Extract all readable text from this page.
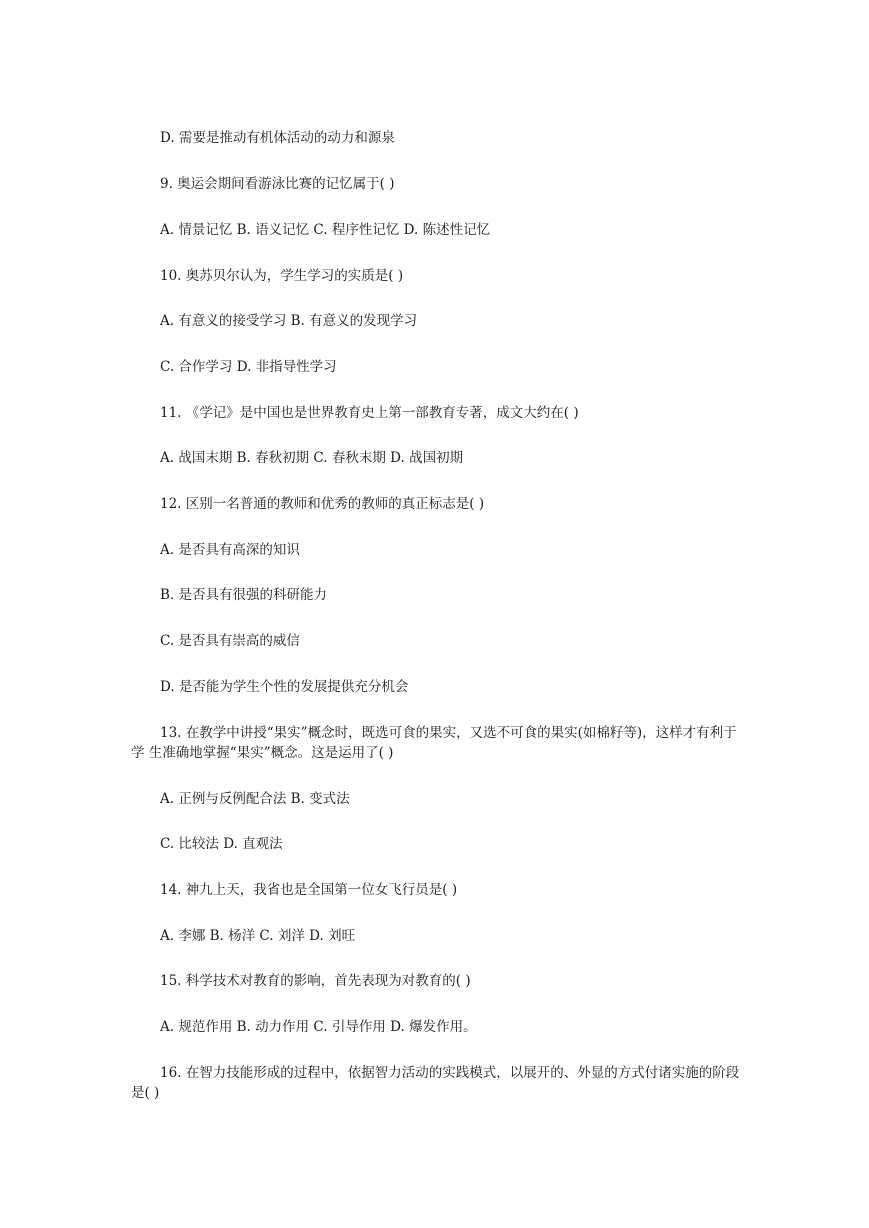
D. 需要是推动有机体活动的动力和源泉

9. 奥运会期间看游泳比赛的记忆属于( )

A. 情景记忆 B. 语义记忆 C. 程序性记忆 D. 陈述性记忆

10. 奥苏贝尔认为，学生学习的实质是( )

A. 有意义的接受学习 B. 有意义的发现学习

C. 合作学习 D. 非指导性学习

11. 《学记》是中国也是世界教育史上第一部教育专著，成文大约在( )

A. 战国末期 B. 春秋初期 C. 春秋末期 D. 战国初期

12. 区别一名普通的教师和优秀的教师的真正标志是( )

A. 是否具有高深的知识

B. 是否具有很强的科研能力

C. 是否具有崇高的威信

D. 是否能为学生个性的发展提供充分机会

13. 在教学中讲授“果实”概念时，既选可食的果实，又选不可食的果实(如棉籽等)，这样才有利于学 生准确地掌握“果实”概念。这是运用了( )

A. 正例与反例配合法 B. 变式法

C. 比较法 D. 直观法

14. 神九上天，我省也是全国第一位女飞行员是( )

A. 李娜 B. 杨洋 C. 刘洋 D. 刘旺

15. 科学技术对教育的影响，首先表现为对教育的( )

A. 规范作用 B. 动力作用 C. 引导作用 D. 爆发作用。

16. 在智力技能形成的过程中，依据智力活动的实践模式，以展开的、外显的方式付诸实施的阶段是( )
